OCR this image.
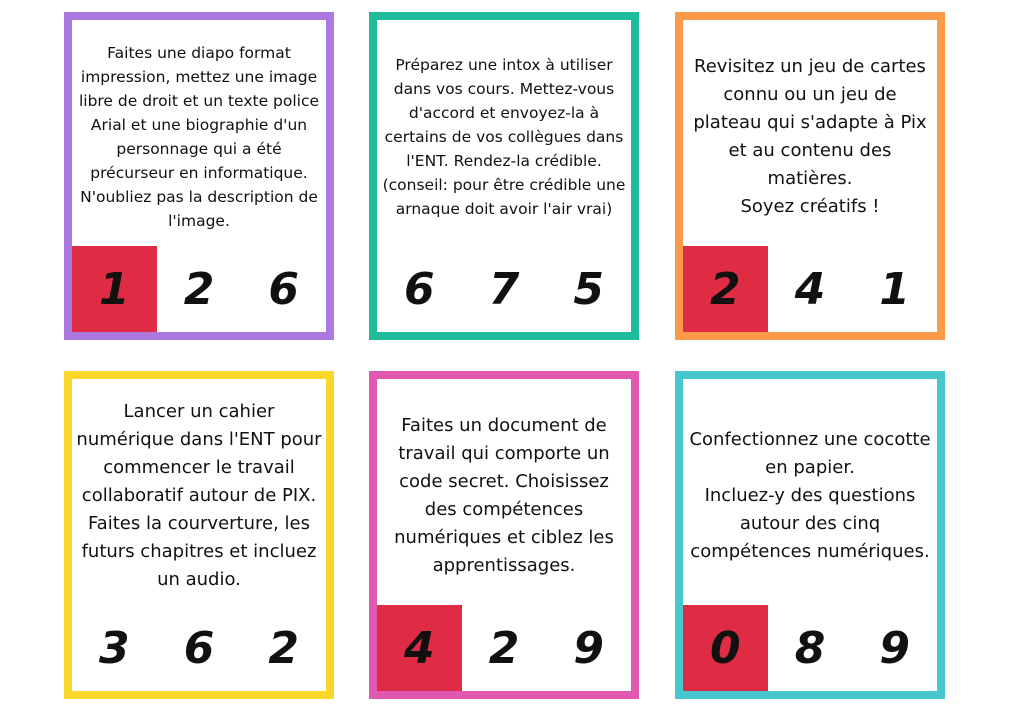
Faites une diapo format impression, mettez une image libre de droit et un texte police Arial et une biographie d'un personnage qui a été précurseur en informatique. N'oubliez pas la description de l'image.

1	2	6

Préparez une intox à utiliser dans vos cours. Mettez-vous d'accord et envoyez-la à certains de vos collègues dans l'ENT. Rendez-la crédible.
(conseil: pour être crédible une arnaque doit avoir l'air vrai)

6	7	5

Revisitez un jeu de cartes connu ou un jeu de plateau qui s'adapte à Pix et au contenu des matières.
Soyez créatifs !

2	4	1

Lancer un cahier numérique dans l'ENT pour commencer le travail collaboratif autour de PIX. Faites la courverture, les futurs chapitres et incluez un audio.

3	6	2

Faites un document de travail qui comporte un code secret. Choisissez des compétences numériques et ciblez les apprentissages.

4	2	9

Confectionnez une cocotte en papier.
Incluez-y des questions autour des cinq compétences numériques.

0	8	9
